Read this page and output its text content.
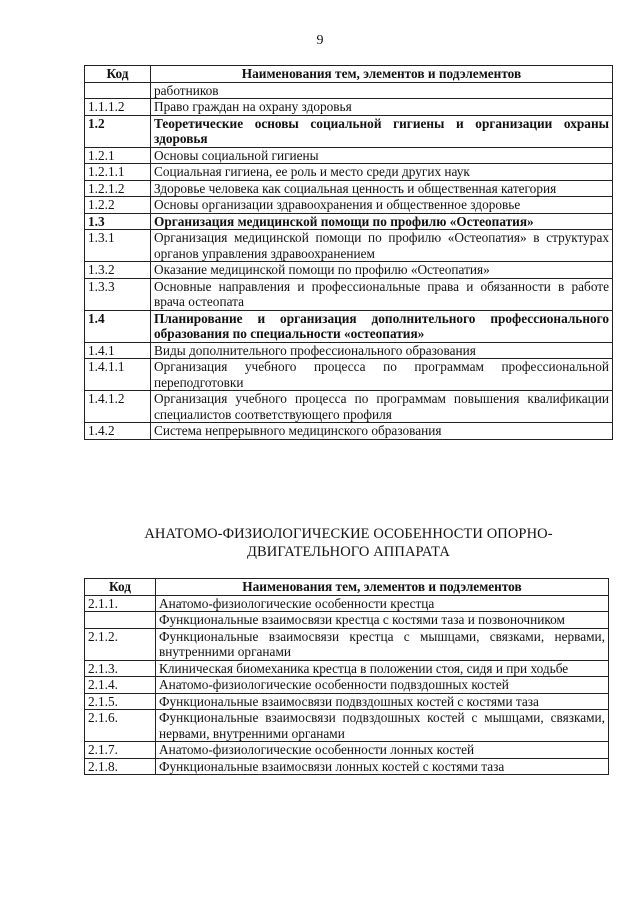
9
Код	Наименования тем, элементов и подэлементов
	работников
1.1.1.2	Право граждан на охрану здоровья
1.2	Теоретические основы социальной гигиены и организации охраны здоровья
1.2.1	Основы социальной гигиены
1.2.1.1	Социальная гигиена, ее роль и место среди других наук
1.2.1.2	Здоровье человека как социальная ценность и общественная категория
1.2.2	Основы организации здравоохранения и общественное здоровье
1.3	Организация медицинской помощи по профилю «Остеопатия»
1.3.1	Организация медицинской помощи по профилю «Остеопатия» в структурах органов управления здравоохранением
1.3.2	Оказание медицинской помощи по профилю «Остеопатия»
1.3.3	Основные направления и профессиональные права и обязанности в работе врача остеопата
1.4	Планирование и организация дополнительного профессионального образования по специальности «остеопатия»
1.4.1	Виды дополнительного профессионального образования
1.4.1.1	Организация учебного процесса по программам профессиональной переподготовки
1.4.1.2	Организация учебного процесса по программам повышения квалификации специалистов соответствующего профиля
1.4.2	Система непрерывного медицинского образования
АНАТОМО-ФИЗИОЛОГИЧЕСКИЕ ОСОБЕННОСТИ ОПОРНО-
ДВИГАТЕЛЬНОГО АППАРАТА
Код	Наименования тем, элементов и подэлементов
2.1.1.	Анатомо-физиологические особенности крестца
	Функциональные взаимосвязи крестца с костями таза и позвоночником
2.1.2.	Функциональные взаимосвязи крестца с мышцами, связками, нервами, внутренними органами
2.1.3.	Клиническая биомеханика крестца в положении стоя, сидя и при ходьбе
2.1.4.	Анатомо-физиологические особенности подвздошных костей
2.1.5.	Функциональные взаимосвязи подвздошных костей с костями таза
2.1.6.	Функциональные взаимосвязи подвздошных костей с мышцами, связками, нервами, внутренними органами
2.1.7.	Анатомо-физиологические особенности лонных костей
2.1.8.	Функциональные взаимосвязи лонных костей с костями таза
